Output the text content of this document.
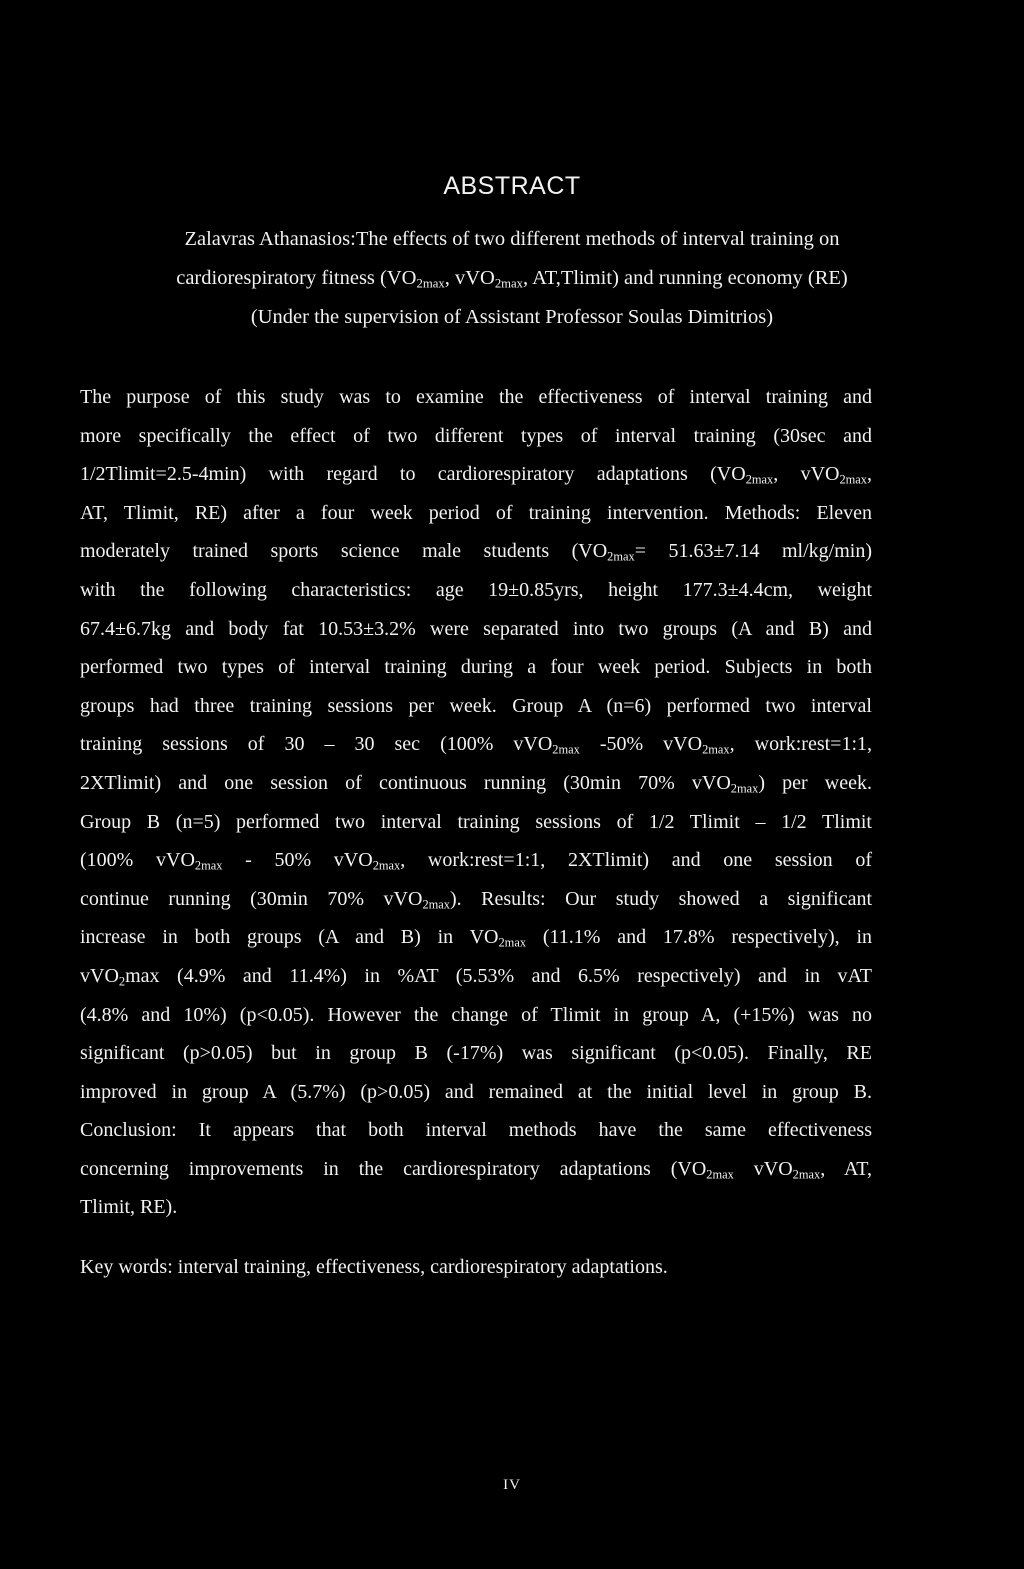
ABSTRACT
Zalavras Athanasios:The effects of two different methods of interval training on
cardiorespiratory fitness ($VO_{2max}$, vVO$_{2max}$, AT,Tlimit) and running economy (RE)
(Under the supervision of Assistant Professor Soulas Dimitrios)
The purpose of this study was to examine the effectiveness of interval training and
more specifically the effect of two different types of interval training (30sec and
1/2Tlimit=2.5-4min) with regard to cardiorespiratory adaptations ($VO_{2max}$, vVO$_{2max}$,
AT, Tlimit, RE) after a four week period of training intervention. Methods: Eleven
moderately trained sports science male students ($VO_{2max}= 51.63\pm 7.14$ ml/kg/min)
with the following characteristics: age 19±0.85yrs, height 177.3±4.4cm, weight
67.4±6.7kg and body fat 10.53±3.2% were separated into two groups (A and B) and
performed two types of interval training during a four week period. Subjects in both
groups had three training sessions per week. Group A (n=6) performed two interval
training sessions of 30 – 30 sec (100% vVO$_{2max}$ -50% vVO$_{2max}$, work:rest=1:1,
2XTlimit) and one session of continuous running (30min 70% vVO$_{2max}$) per week.
Group B (n=5) performed two interval training sessions of 1/2 Tlimit – 1/2 Tlimit
(100% vVO$_{2max}$ - 50% vVO$_{2max}$, work:rest=1:1, 2XTlimit) and one session of
continue running (30min 70% vVO$_{2max}$). Results: Our study showed a significant
increase in both groups (A and B) in $VO_{2max}$ (11.1% and 17.8% respectively), in
vVO$_2$max (4.9% and 11.4%) in %AT (5.53% and 6.5% respectively) and in vAT
(4.8% and 10%) (p<0.05). However the change of Tlimit in group A, (+15%) was no
significant (p>0.05) but in group B (-17%) was significant (p<0.05). Finally, RE
improved in group A (5.7%) (p>0.05) and remained at the initial level in group B.
Conclusion: It appears that both interval methods have the same effectiveness
concerning improvements in the cardiorespiratory adaptations ($VO_{2max}$ vVO$_{2max}$, AT,
Tlimit, RE).
Key words: interval training, effectiveness, cardiorespiratory adaptations.
IV
